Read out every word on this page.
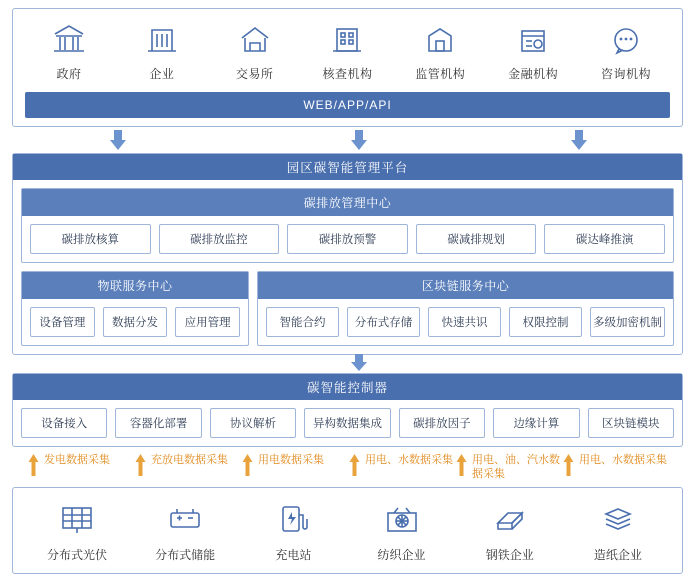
政府	企业	交易所	核查机构	监管机构	金融机构	咨询机构
WEB/APP/API
园区碳智能管理平台
碳排放管理中心
碳排放核算	碳排放监控	碳排放预警	碳减排规划	碳达峰推演
物联服务中心
设备管理	数据分发	应用管理
区块链服务中心
智能合约	分布式存储	快速共识	权限控制	多级加密机制
碳智能控制器
设备接入	容器化部署	协议解析	异构数据集成	碳排放因子	边缘计算	区块链模块
发电数据采集	充放电数据采集	用电数据采集	用电、水数据采集 用电、油、汽水数据采集
用电、水数据采集
分布式光伏	分布式储能	充电站	纺织企业	钢铁企业	造纸企业
